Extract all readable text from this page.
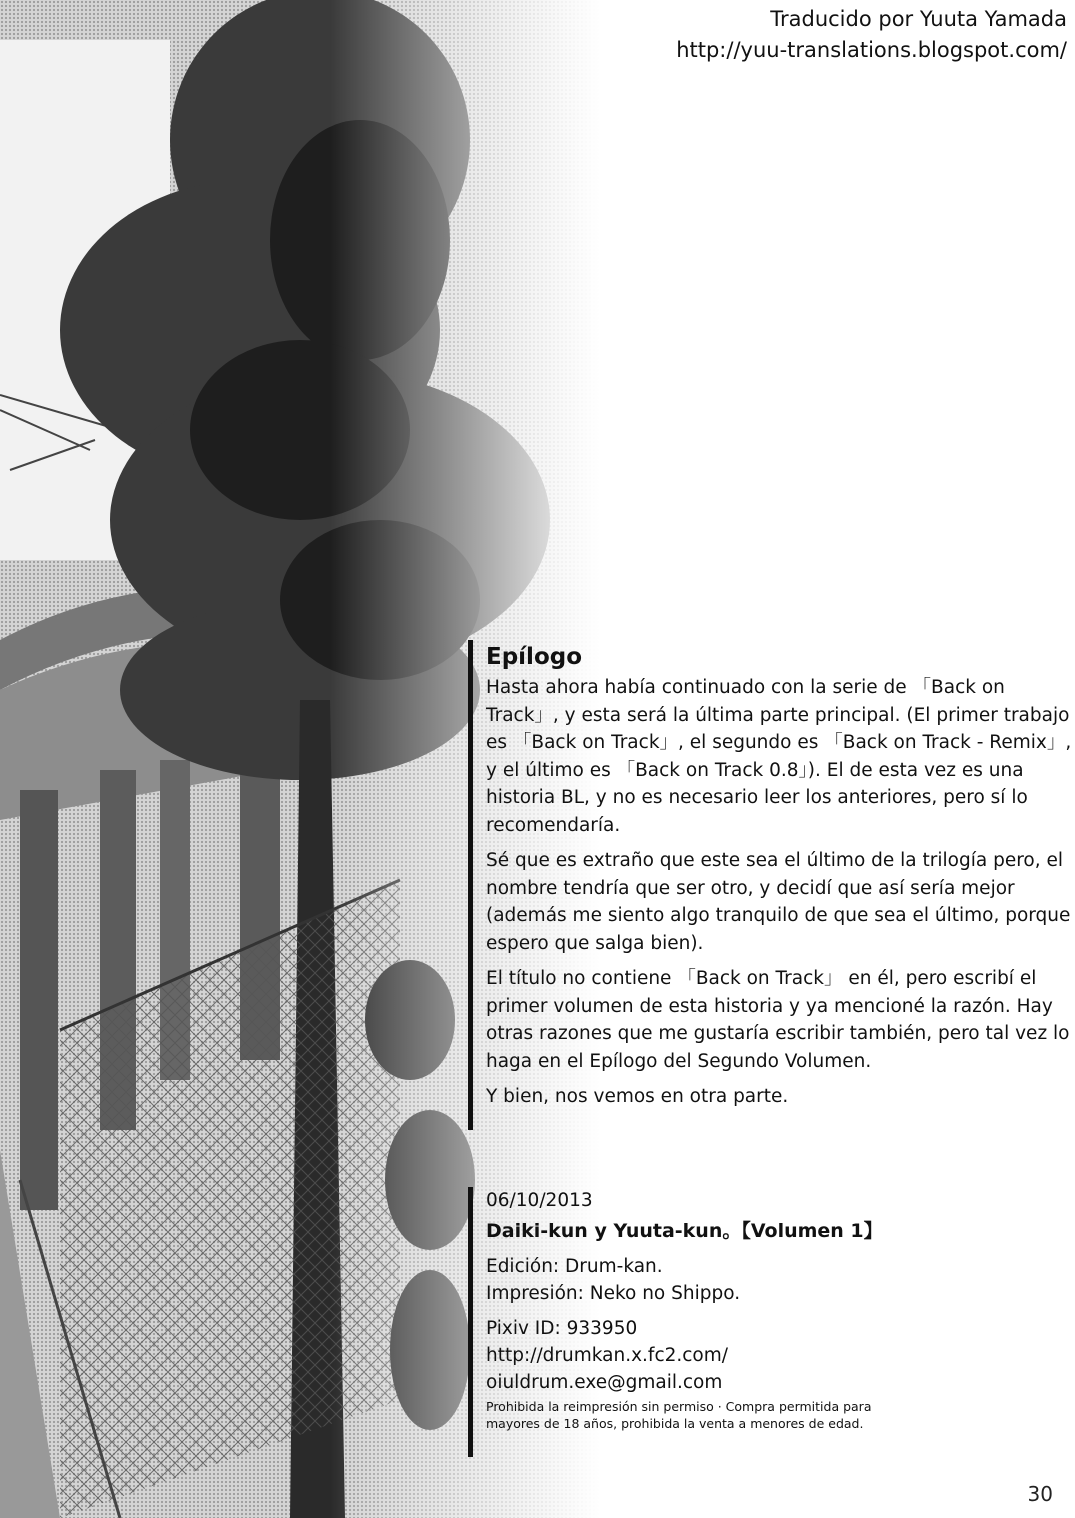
Traducido por Yuuta Yamada
http://yuu-translations.blogspot.com/
Epílogo

Hasta ahora había continuado con la serie de 「Back on Track」, y esta será la última parte principal. (El primer trabajo es 「Back on Track」, el segundo es 「Back on Track - Remix」, y el último es 「Back on Track 0.8」). El de esta vez es una historia BL, y no es necesario leer los anteriores, pero sí lo recomendaría.

Sé que es extraño que este sea el último de la trilogía pero, el nombre tendría que ser otro, y decidí que así sería mejor (además me siento algo tranquilo de que sea el último, porque espero que salga bien).

El título no contiene 「Back on Track」 en él, pero escribí el primer volumen de esta historia y ya mencioné la razón. Hay otras razones que me gustaría escribir también, pero tal vez lo haga en el Epílogo del Segundo Volumen.

Y bien, nos vemos en otra parte.

06/10/2013
Daiki-kun y Yuuta-kun。【Volumen 1】
Edición: Drum-kan.
Impresión: Neko no Shippo.
Pixiv ID: 933950
http://drumkan.x.fc2.com/
oiuldrum.exe@gmail.com
Prohibida la reimpresión sin permiso · Compra permitida para
mayores de 18 años, prohibida la venta a menores de edad.
30
